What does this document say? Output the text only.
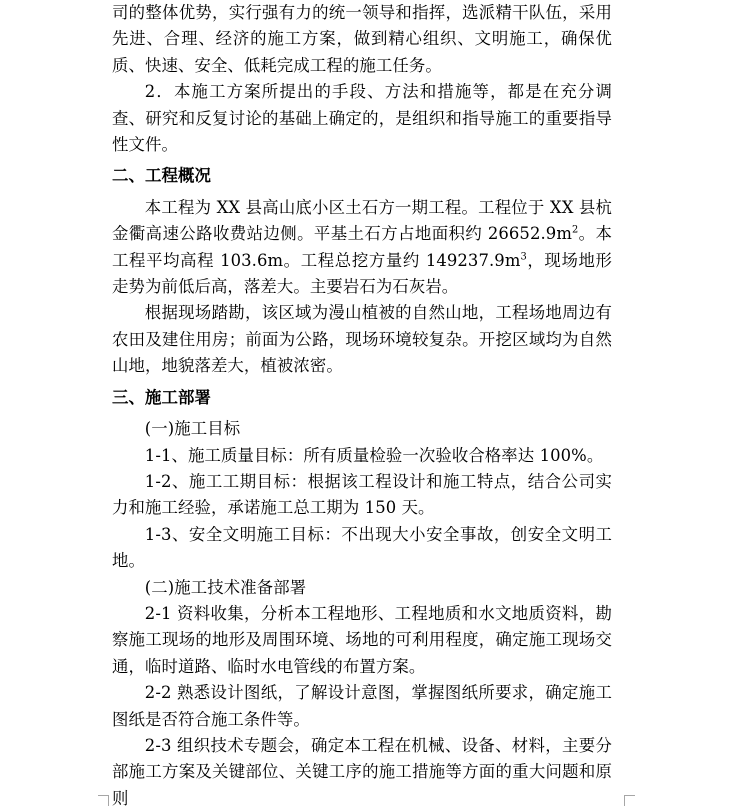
司的整体优势，实行强有力的统一领导和指挥，选派精干队伍，采用先进、合理、经济的施工方案，做到精心组织、文明施工，确保优质、快速、安全、低耗完成工程的施工任务。

2．本施工方案所提出的手段、方法和措施等，都是在充分调查、研究和反复讨论的基础上确定的，是组织和指导施工的重要指导性文件。

二、工程概况

本工程为 XX 县高山底小区土石方一期工程。工程位于 XX 县杭金衢高速公路收费站边侧。平基土石方占地面积约 $26652.9m^2$。本工程平均高程 103.6m。工程总挖方量约 $149237.9m^3$，现场地形走势为前低后高，落差大。主要岩石为石灰岩。

根据现场踏勘，该区域为漫山植被的自然山地，工程场地周边有农田及建住用房；前面为公路，现场环境较复杂。开挖区域均为自然山地，地貌落差大，植被浓密。

三、施工部署

(一)施工目标

1-1、施工质量目标：所有质量检验一次验收合格率达 100%。

1-2、施工工期目标：根据该工程设计和施工特点，结合公司实力和施工经验，承诺施工总工期为 150 天。

1-3、安全文明施工目标：不出现大小安全事故，创安全文明工地。

(二)施工技术准备部署

2-1 资料收集，分析本工程地形、工程地质和水文地质资料，勘察施工现场的地形及周围环境、场地的可利用程度，确定施工现场交通，临时道路、临时水电管线的布置方案。

2-2 熟悉设计图纸，了解设计意图，掌握图纸所要求，确定施工图纸是否符合施工条件等。

2-3 组织技术专题会，确定本工程在机械、设备、材料，主要分部施工方案及关键部位、关键工序的施工措施等方面的重大问题和原则
